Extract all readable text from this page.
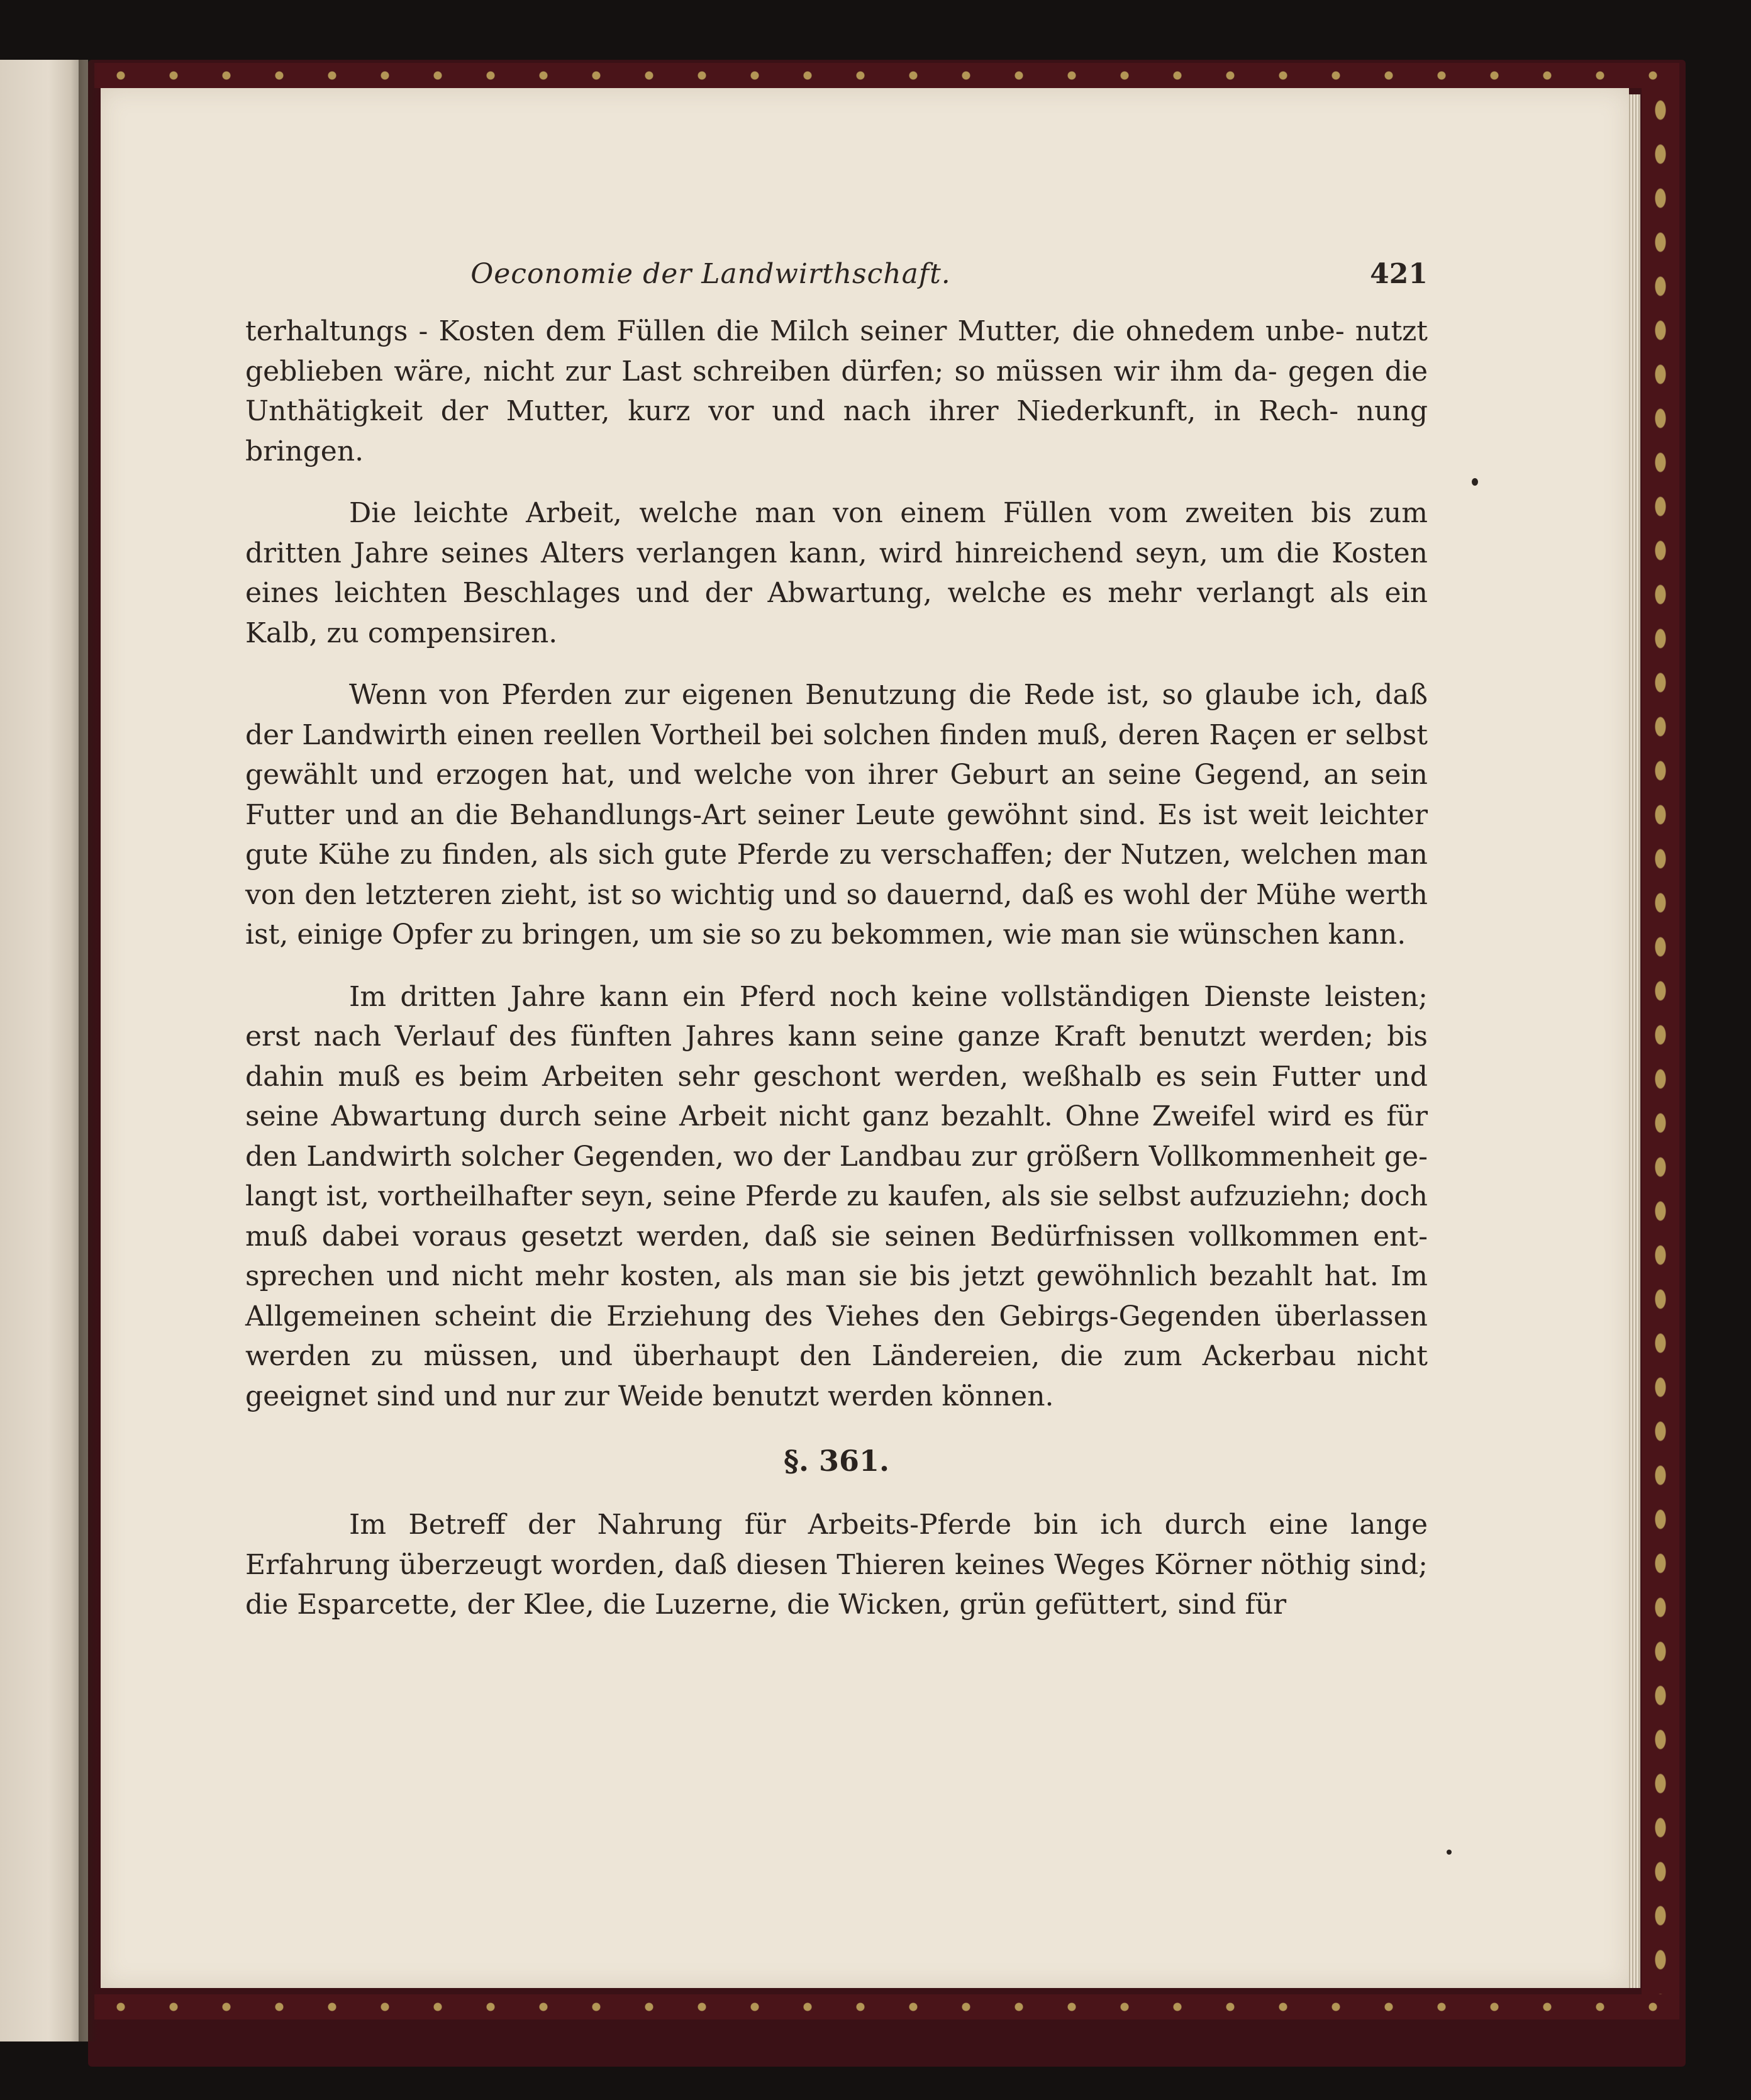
Oeconomie der Landwirthschaft.	421

terhaltungs - Kosten dem Füllen die Milch seiner Mutter, die ohnedem unbe- nutzt geblieben wäre, nicht zur Last schreiben dürfen; so müssen wir ihm da- gegen die Unthätigkeit der Mutter, kurz vor und nach ihrer Niederkunft, in Rech- nung bringen.

Die leichte Arbeit, welche man von einem Füllen vom zweiten bis zum dritten Jahre seines Alters verlangen kann, wird hinreichend seyn, um die Kosten eines leichten Beschlages und der Abwartung, welche es mehr verlangt als ein Kalb, zu compensiren.

Wenn von Pferden zur eigenen Benutzung die Rede ist, so glaube ich, daß der Landwirth einen reellen Vortheil bei solchen finden muß, deren Raçen er selbst gewählt und erzogen hat, und welche von ihrer Geburt an seine Gegend, an sein Futter und an die Behandlungs-Art seiner Leute gewöhnt sind. Es ist weit leichter gute Kühe zu finden, als sich gute Pferde zu verschaffen; der Nutzen, welchen man von den letzteren zieht, ist so wichtig und so dauernd, daß es wohl der Mühe werth ist, einige Opfer zu bringen, um sie so zu bekommen, wie man sie wünschen kann.

Im dritten Jahre kann ein Pferd noch keine vollständigen Dienste leisten; erst nach Verlauf des fünften Jahres kann seine ganze Kraft benutzt werden; bis dahin muß es beim Arbeiten sehr geschont werden, weßhalb es sein Futter und seine Abwartung durch seine Arbeit nicht ganz bezahlt. Ohne Zweifel wird es für den Landwirth solcher Gegenden, wo der Landbau zur größern Vollkommenheit ge- langt ist, vortheilhafter seyn, seine Pferde zu kaufen, als sie selbst aufzuziehn; doch muß dabei voraus gesetzt werden, daß sie seinen Bedürfnissen vollkommen ent- sprechen und nicht mehr kosten, als man sie bis jetzt gewöhnlich bezahlt hat. Im Allgemeinen scheint die Erziehung des Viehes den Gebirgs-Gegenden überlassen werden zu müssen, und überhaupt den Ländereien, die zum Ackerbau nicht geeignet sind und nur zur Weide benutzt werden können.

§. 361.

Im Betreff der Nahrung für Arbeits-Pferde bin ich durch eine lange Erfahrung überzeugt worden, daß diesen Thieren keines Weges Körner nöthig sind; die Esparcette, der Klee, die Luzerne, die Wicken, grün gefüttert, sind für
